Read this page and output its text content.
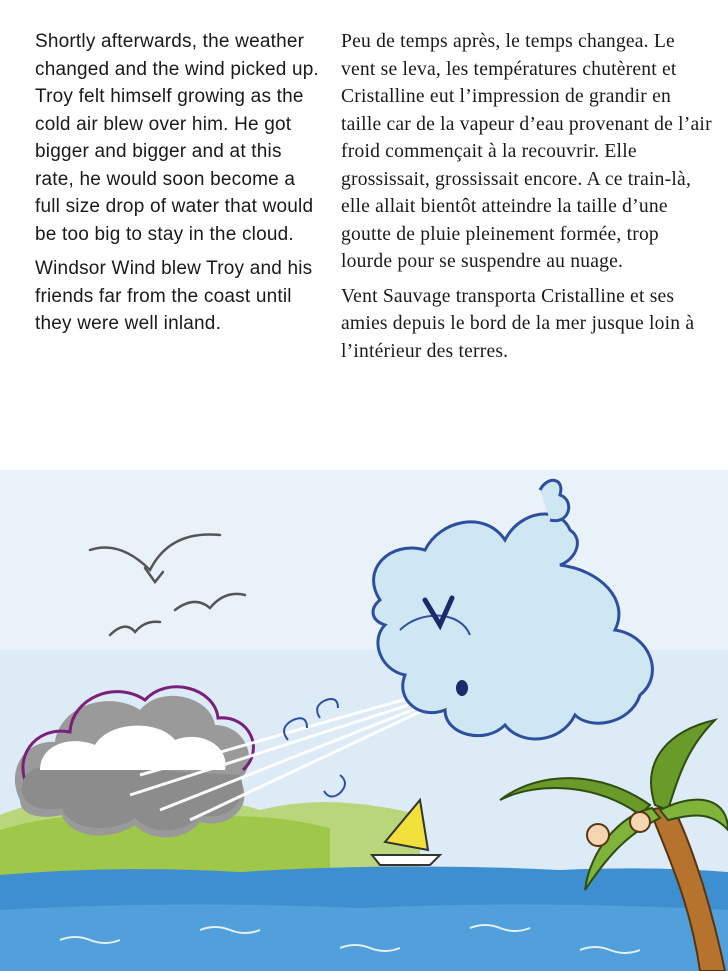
Shortly afterwards, the weather changed and the wind picked up. Troy felt himself growing as the cold air blew over him. He got bigger and bigger and at this rate, he would soon become a full size drop of water that would be too big to stay in the cloud.

Windsor Wind blew Troy and his friends far from the coast until they were well inland.

Peu de temps après, le temps changea. Le vent se leva, les températures chutèrent et Cristalline eut l’impression de grandir en taille car de la vapeur d’eau provenant de l’air froid commençait à la recouvrir. Elle grossissait, grossissait encore. A ce train-là, elle allait bientôt atteindre la taille d’une goutte de pluie pleinement formée, trop lourde pour se suspendre au nuage.

Vent Sauvage transporta Cristalline et ses amies depuis le bord de la mer jusque loin à l’intérieur des terres.
